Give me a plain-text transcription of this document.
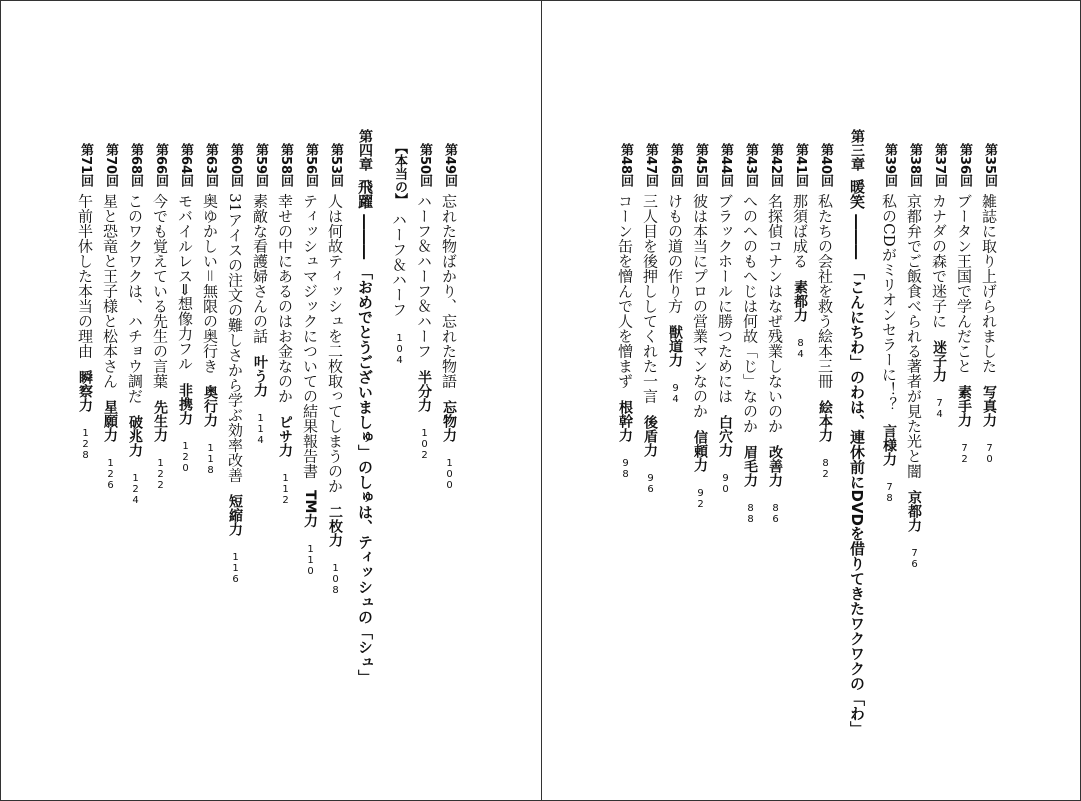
第35回雑誌に取り上げられました写真力70
第36回ブータン王国で学んだこと素手力72
第37回カナダの森で迷子に迷子力74
第38回京都弁でご飯食べられる著者が見た光と闇京都力76
第39回私のCDがミリオンセラーに！？言様力78
第三章暖笑 ――― 「こんにちわ」のわは、連休前にDVDを借りてきたワクワクの「わ」
第40回私たちの会社を救う絵本三冊絵本力82
第41回那須ば成る素都力84
第42回名探偵コナンはなぜ残業しないのか改善力86
第43回へのへのもへじは何故「じ」なのか眉毛力88
第44回ブラックホールに勝つためには白穴力90
第45回彼は本当にプロの営業マンなのか信頼力92
第46回けもの道の作り方獣道力94
第47回三人目を後押ししてくれた一言後盾力96
第48回コーン缶を憎んで人を憎まず根幹力98
第49回忘れた物ばかり、忘れた物語忘物力100
第50回ハーフ＆ハーフ＆ハーフ半分力102
【本当の】ハーフ＆ハーフ104
第四章飛躍 ――― 「おめでとうございましゅ」のしゅは、ティッシュの「シュ」
第53回人は何故ティッシュを二枚取ってしまうのか二枚力108
第56回ティッシュマジックについての結果報告書TM力110
第58回幸せの中にあるのはお金なのかピサ力112
第59回素敵な看護婦さんの話叶う力114
第60回31アイスの注文の難しさから学ぶ効率改善短縮力116
第63回奥ゆかしい＝無限の奥行き奥行力118
第64回モバイルレス⇒想像力フル非携力120
第66回今でも覚えている先生の言葉先生力122
第68回このワクワクは、ハチョウ調だ破兆力124
第70回星と恐竜と王子様と松本さん星願力126
第71回午前半休した本当の理由瞬察力128
